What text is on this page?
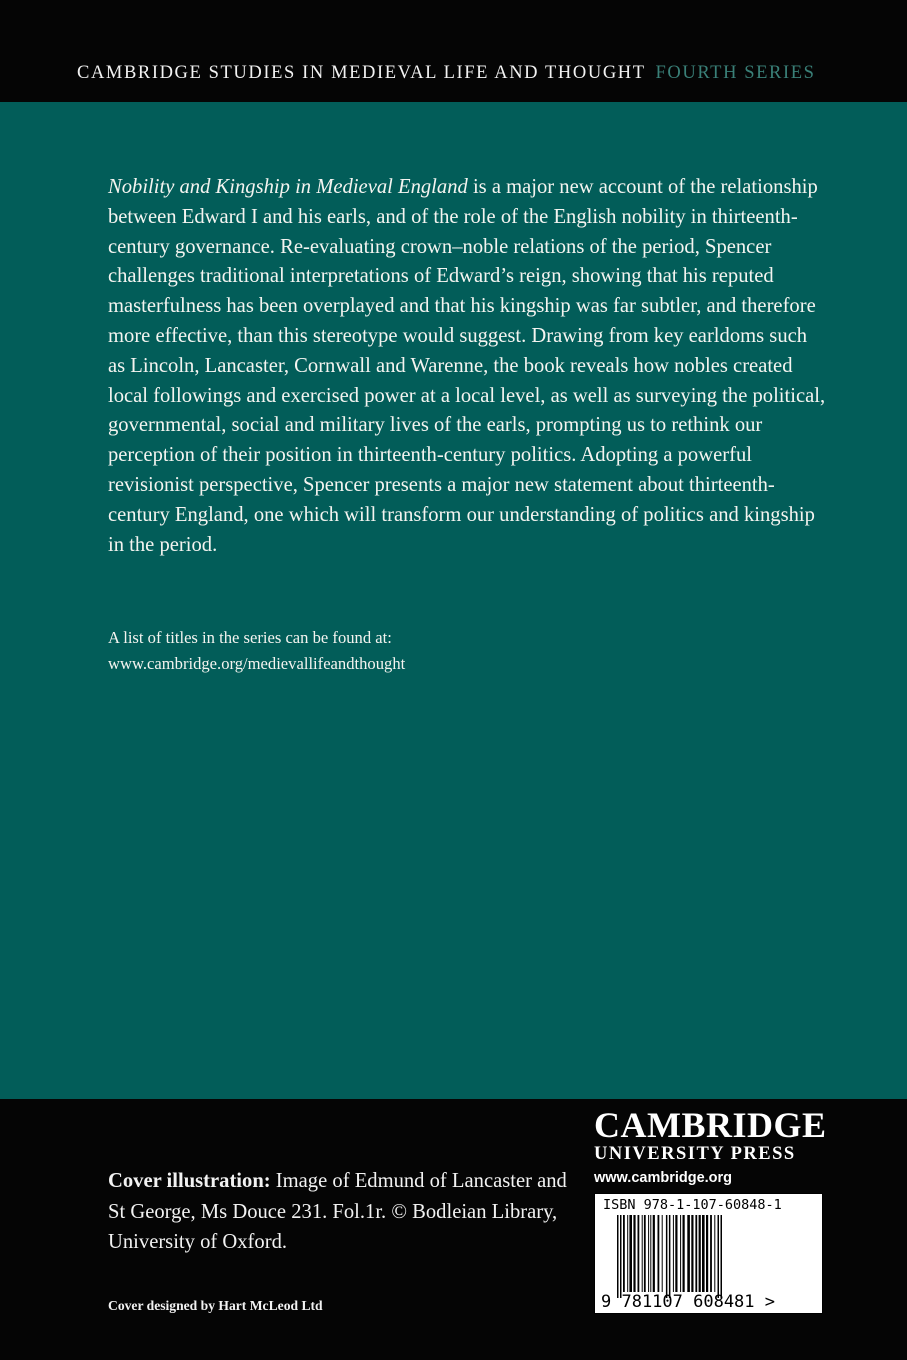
CAMBRIDGE STUDIES IN MEDIEVAL LIFE AND THOUGHT FOURTH SERIES

Nobility and Kingship in Medieval England is a major new account of the relationship between Edward I and his earls, and of the role of the English nobility in thirteenth-century governance. Re-evaluating crown–noble relations of the period, Spencer challenges traditional interpretations of Edward’s reign, showing that his reputed masterfulness has been overplayed and that his kingship was far subtler, and therefore more effective, than this stereotype would suggest. Drawing from key earldoms such as Lincoln, Lancaster, Cornwall and Warenne, the book reveals how nobles created local followings and exercised power at a local level, as well as surveying the political, governmental, social and military lives of the earls, prompting us to rethink our perception of their position in thirteenth-century politics. Adopting a powerful revisionist perspective, Spencer presents a major new statement about thirteenth-century England, one which will transform our understanding of politics and kingship in the period.

A list of titles in the series can be found at:
www.cambridge.org/medievallifeandthought

Cover illustration: Image of Edmund of Lancaster and St George, Ms Douce 231. Fol.1r. © Bodleian Library, University of Oxford.

Cover designed by Hart McLeod Ltd

CAMBRIDGE
UNIVERSITY PRESS
www.cambridge.org
ISBN 978-1-107-60848-1
9 781107 608481 >
